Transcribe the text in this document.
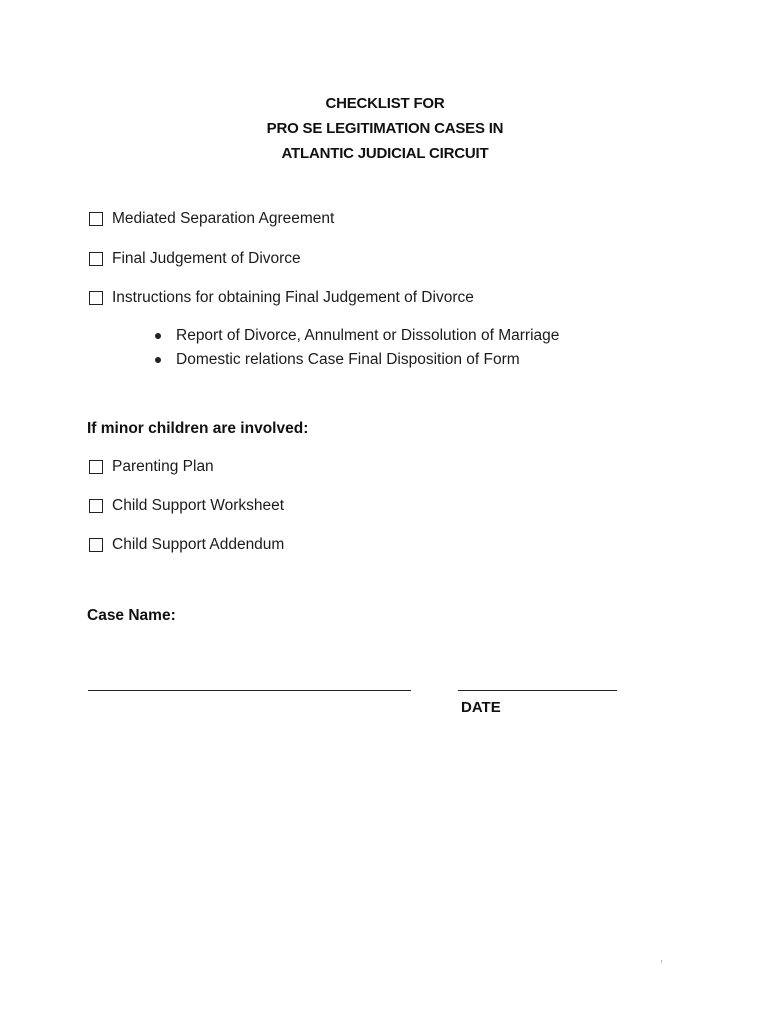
CHECKLIST FOR
PRO SE LEGITIMATION CASES IN
ATLANTIC JUDICIAL CIRCUIT
Mediated Separation Agreement
Final Judgement of Divorce
Instructions for obtaining Final Judgement of Divorce
Report of Divorce, Annulment or Dissolution of Marriage
Domestic relations Case Final Disposition of Form
If minor children are involved:
Parenting Plan
Child Support Worksheet
Child Support Addendum
Case Name:
DATE
